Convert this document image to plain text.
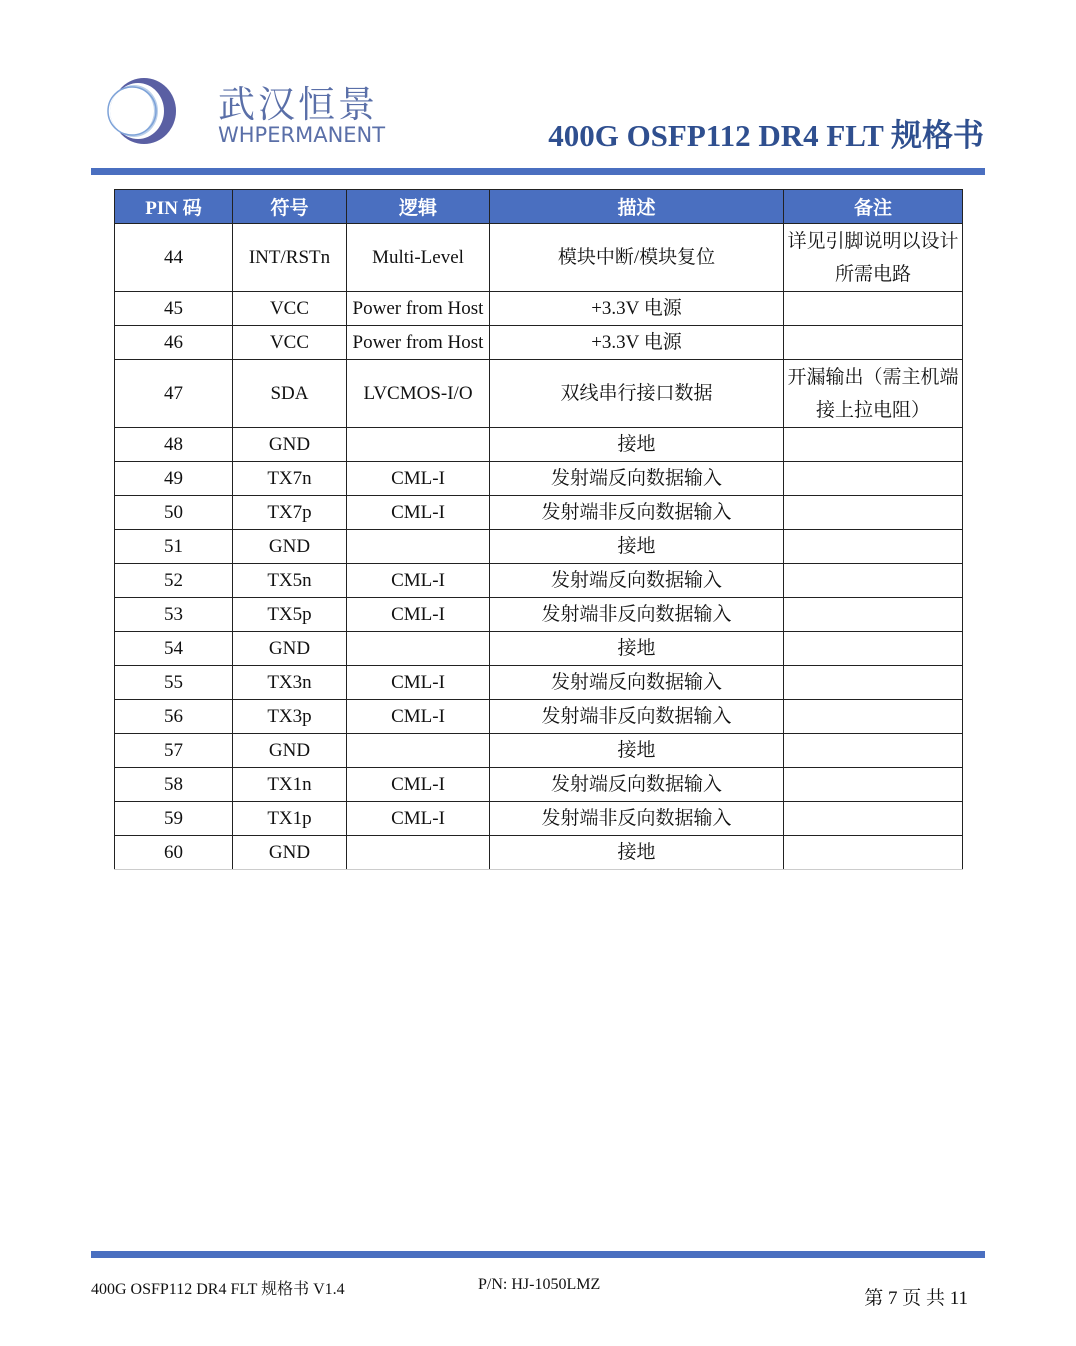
武汉恒景
WHPERMANENT	400G OSFP112 DR4 FLT 规格书
PIN 码	符号	逻辑	描述	备注
44	INT/RSTn	Multi-Level	模块中断/模块复位	详见引脚说明以设计所需电路
45	VCC	Power from Host	+3.3V 电源	
46	VCC	Power from Host	+3.3V 电源	
47	SDA	LVCMOS-I/O	双线串行接口数据	开漏输出（需主机端接上拉电阻）
48	GND		接地	
49	TX7n	CML-I	发射端反向数据输入	
50	TX7p	CML-I	发射端非反向数据输入	
51	GND		接地	
52	TX5n	CML-I	发射端反向数据输入	
53	TX5p	CML-I	发射端非反向数据输入	
54	GND		接地	
55	TX3n	CML-I	发射端反向数据输入	
56	TX3p	CML-I	发射端非反向数据输入	
57	GND		接地	
58	TX1n	CML-I	发射端反向数据输入	
59	TX1p	CML-I	发射端非反向数据输入	
60	GND		接地	
400G OSFP112 DR4 FLT 规格书 V1.4	P/N: HJ-1050LMZ
第 7 页 共 11
